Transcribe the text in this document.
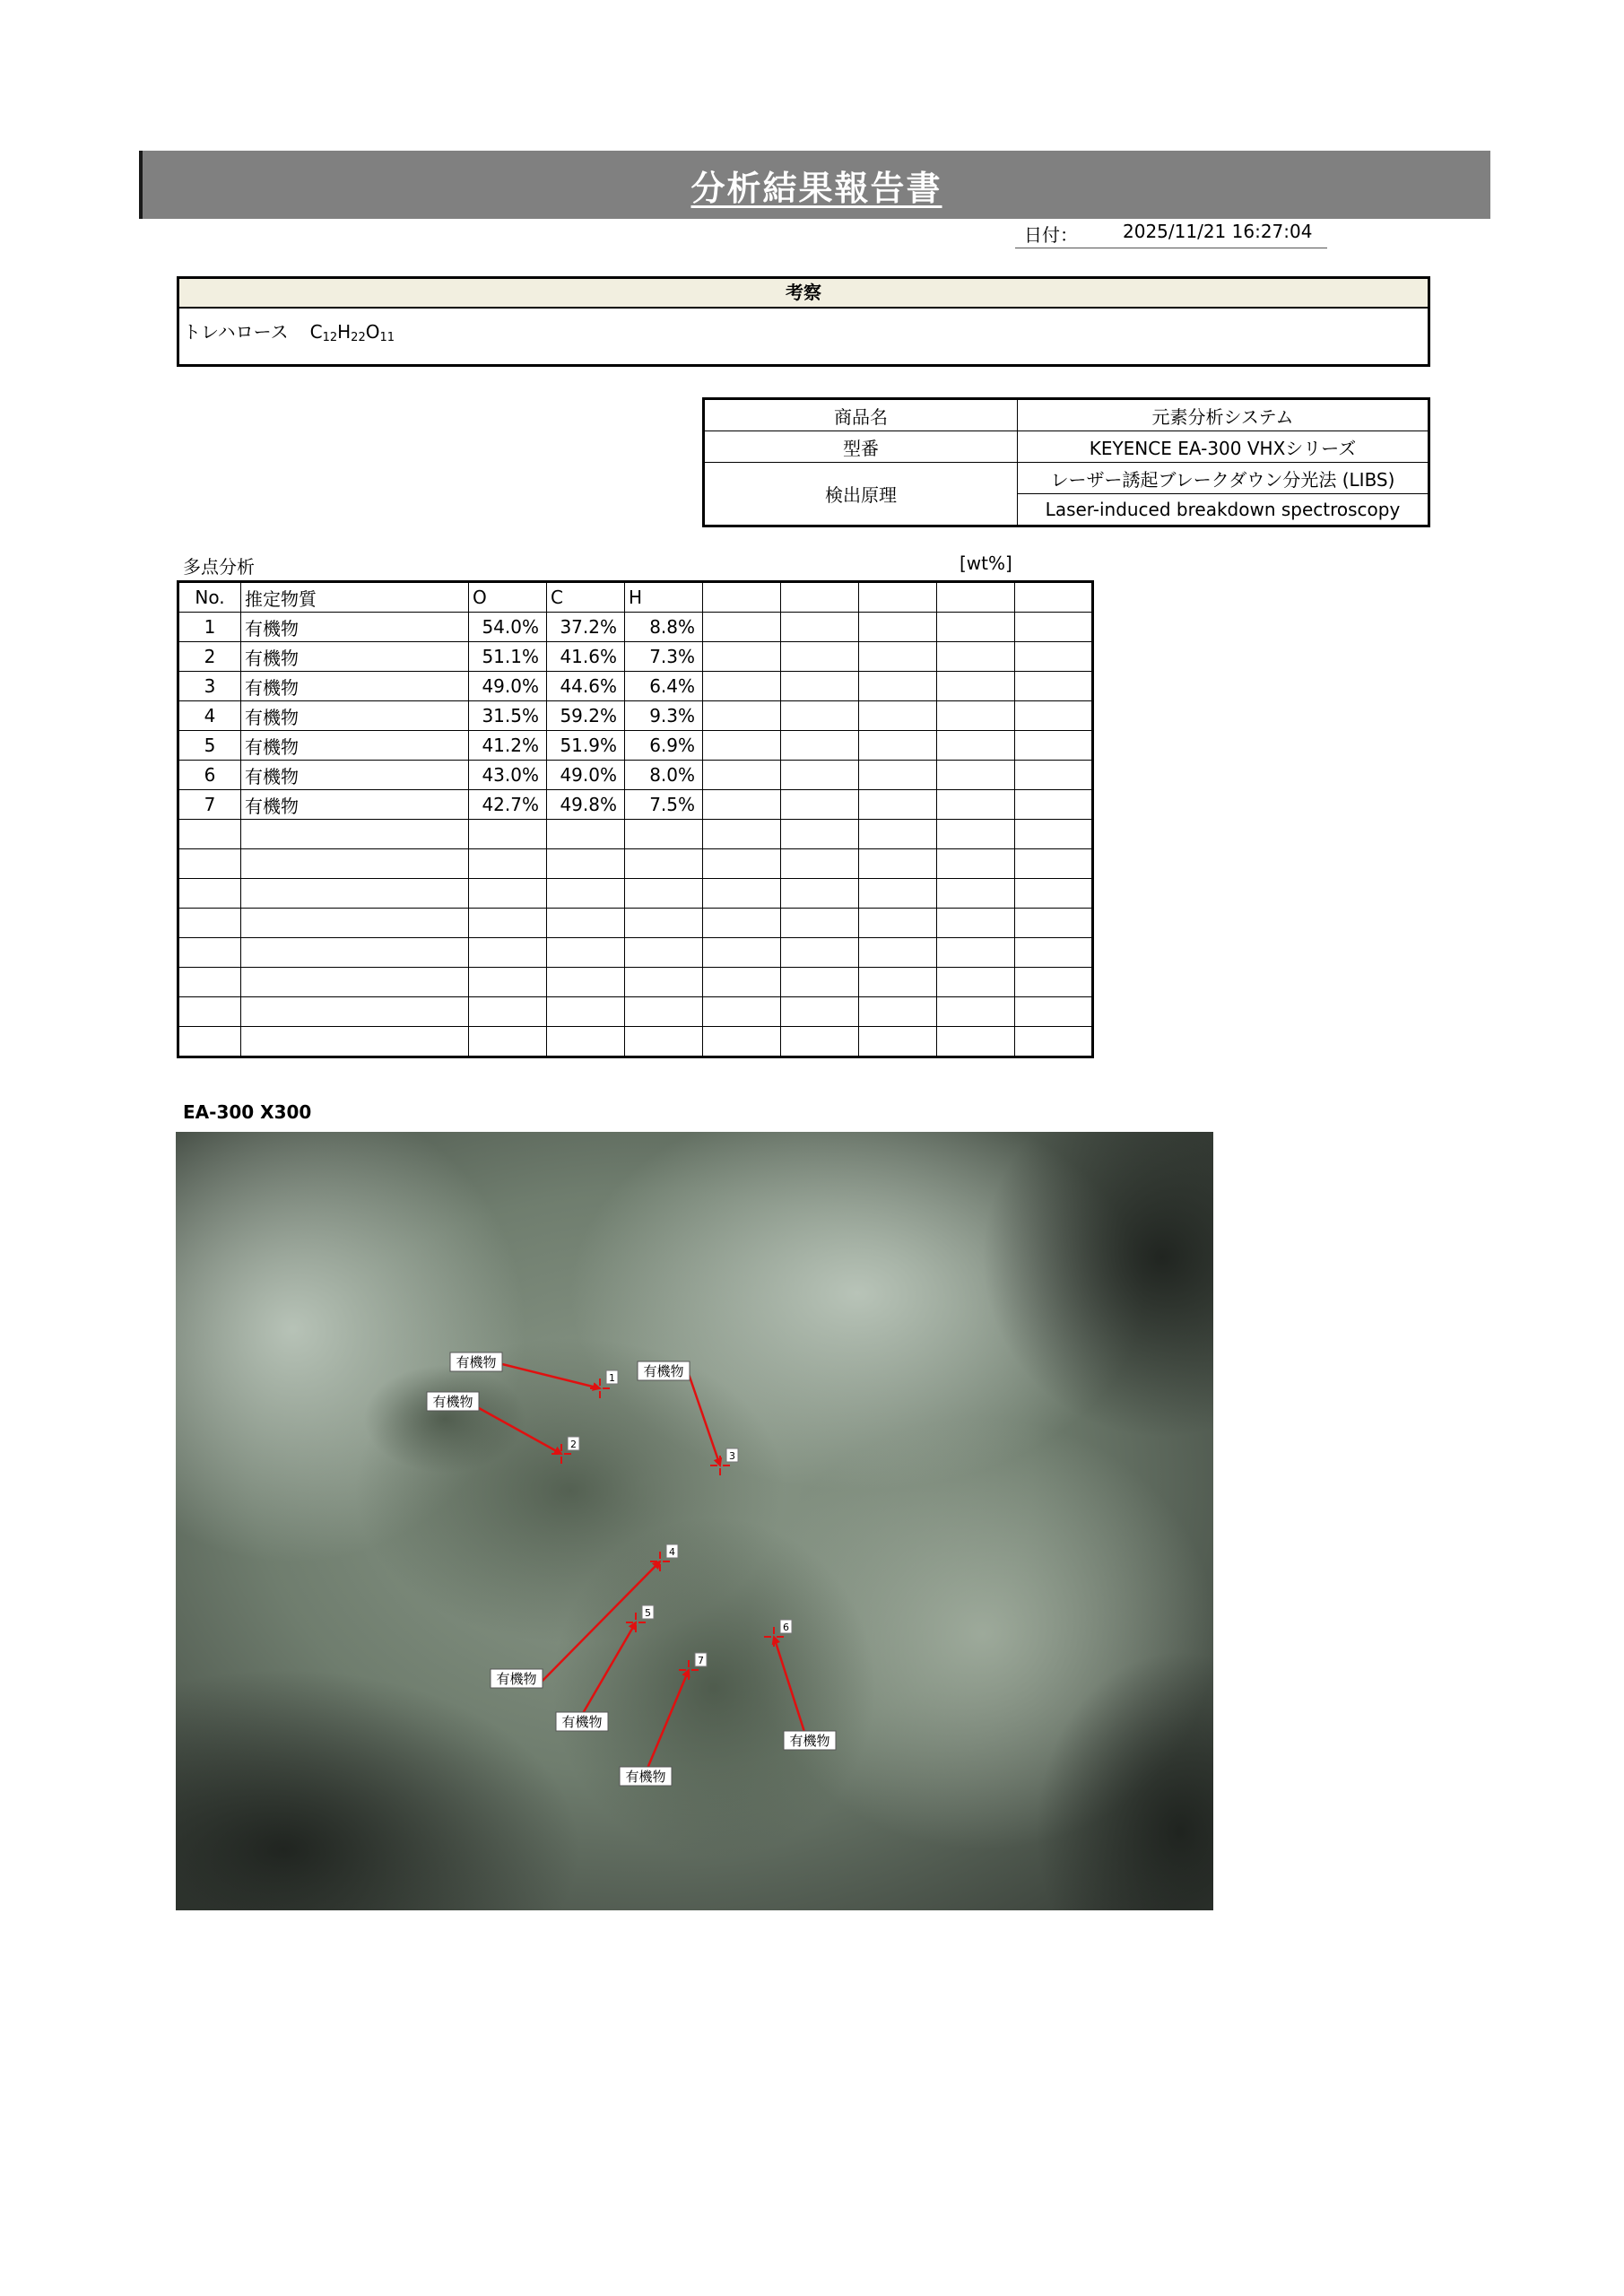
分析結果報告書
日付：	2025/11/21 16:27:04
考察
トレハロース $C_{12}H_{22}O_{11}$
商品名	元素分析システム
型番	KEYENCE EA-300 VHXシリーズ
検出原理	レーザー誘起ブレークダウン分光法 (LIBS)
	Laser-induced breakdown spectroscopy
多点分析	[wt%]
No.	推定物質	O	C	H					
1	有機物	54.0%	37.2%	8.8%					
2	有機物	51.1%	41.6%	7.3%					
3	有機物	49.0%	44.6%	6.4%					
4	有機物	31.5%	59.2%	9.3%					
5	有機物	41.2%	51.9%	6.9%					
6	有機物	43.0%	49.0%	8.0%					
7	有機物	42.7%	49.8%	7.5%					

EA-300 X300
1
有機物
2
有機物
3
有機物
4
有機物
5
有機物
6
有機物
7
有機物
